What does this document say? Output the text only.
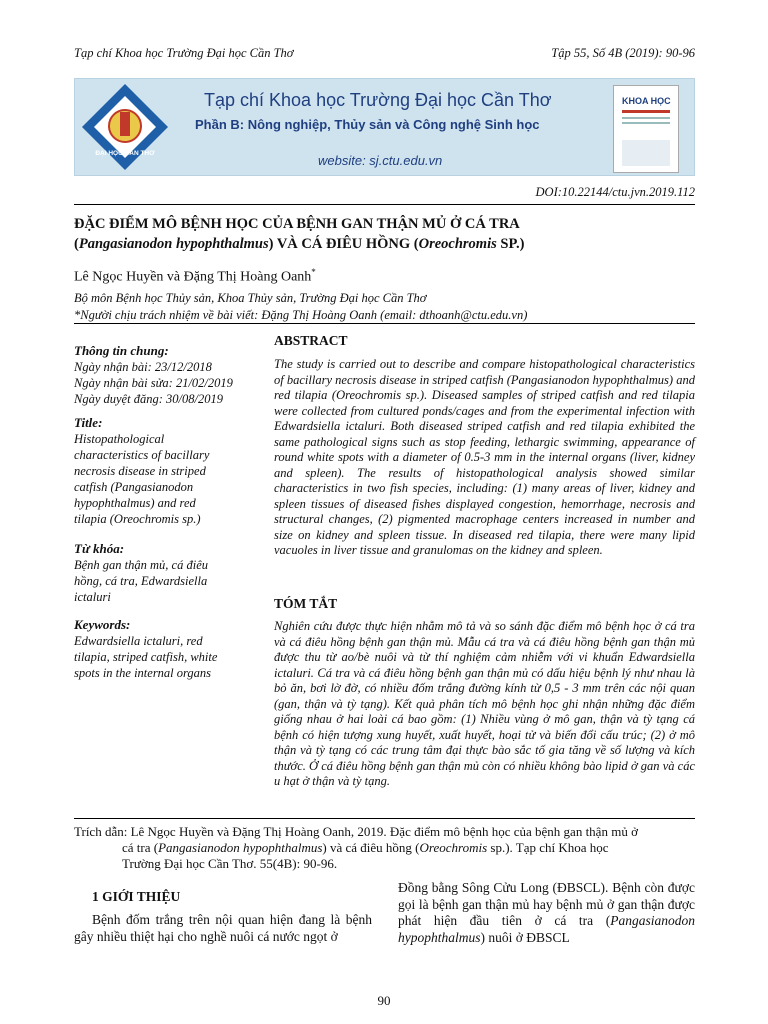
Tạp chí Khoa học Trường Đại học Cần Thơ	Tập 55, Số 4B (2019): 90-96
ĐẠI HỌC CẦN THƠ
Tạp chí Khoa học Trường Đại học Cần Thơ
Phần B: Nông nghiệp, Thủy sản và Công nghệ Sinh học
website: sj.ctu.edu.vn
KHOA HỌC
DOI:10.22144/ctu.jvn.2019.112
ĐẶC ĐIỂM MÔ BỆNH HỌC CỦA BỆNH GAN THẬN MỦ Ở CÁ TRA
(Pangasianodon hypophthalmus) VÀ CÁ ĐIÊU HỒNG (Oreochromis SP.)
Lê Ngọc Huyền và Đặng Thị Hoàng Oanh*
Bộ môn Bệnh học Thủy sản, Khoa Thủy sản, Trường Đại học Cần Thơ
*Người chịu trách nhiệm về bài viết: Đặng Thị Hoàng Oanh (email: dthoanh@ctu.edu.vn)
Thông tin chung:
Ngày nhận bài: 23/12/2018
Ngày nhận bài sửa: 21/02/2019
Ngày duyệt đăng: 30/08/2019
Title:
Histopathological
characteristics of bacillary
necrosis disease in striped
catfish (Pangasianodon
hypophthalmus) and red
tilapia (Oreochromis sp.)
Từ khóa:
Bệnh gan thận mủ, cá điêu
hồng, cá tra, Edwardsiella
ictaluri
Keywords:
Edwardsiella ictaluri, red
tilapia, striped catfish, white
spots in the internal organs
ABSTRACT
The study is carried out to describe and compare histopathological characteristics of bacillary necrosis disease in striped catfish (Pangasianodon hypophthalmus) and red tilapia (Oreochromis sp.). Diseased samples of striped catfish and red tilapia were collected from cultured ponds/cages and from the experimental infection with Edwardsiella ictaluri. Both diseased striped catfish and red tilapia exhibited the same pathological signs such as stop feeding, lethargic swimming, appearance of round white spots with a diameter of 0.5-3 mm in the internal organs (liver, kidney and spleen). The results of histopathological analysis showed similar characteristics in two fish species, including: (1) many areas of liver, kidney and spleen tissues of diseased fishes displayed congestion, hemorrhage, necrosis and structural changes, (2) pigmented macrophage centers increased in number and size on kidney and spleen tissue. In diseased red tilapia, there were many lipid vacuoles in liver tissue and granulomas on the kidney and spleen.
TÓM TẮT
Nghiên cứu được thực hiện nhằm mô tả và so sánh đặc điểm mô bệnh học ở cá tra và cá điêu hồng bệnh gan thận mủ. Mẫu cá tra và cá điêu hồng bệnh gan thận mủ được thu từ ao/bè nuôi và từ thí nghiệm cảm nhiễm với vi khuẩn Edwardsiella ictaluri. Cá tra và cá điêu hồng bệnh gan thận mủ có dấu hiệu bệnh lý như nhau là bỏ ăn, bơi lờ đờ, có nhiều đốm trắng đường kính từ 0,5 - 3 mm trên các nội quan (gan, thận và tỳ tạng). Kết quả phân tích mô bệnh học ghi nhận những đặc điểm giống nhau ở hai loài cá bao gồm: (1) Nhiều vùng ở mô gan, thận và tỳ tạng cá bệnh có hiện tượng xung huyết, xuất huyết, hoại tử và biến đổi cấu trúc; (2) ở mô thận và tỳ tạng có các trung tâm đại thực bào sắc tố gia tăng về số lượng và kích thước. Ở cá điêu hồng bệnh gan thận mủ còn có nhiều không bào lipid ở gan và các u hạt ở thận và tỳ tạng.
Trích dẫn: Lê Ngọc Huyền và Đặng Thị Hoàng Oanh, 2019. Đặc điểm mô bệnh học của bệnh gan thận mủ ở
cá tra (Pangasianodon hypophthalmus) và cá điêu hồng (Oreochromis sp.). Tạp chí Khoa học
Trường Đại học Cần Thơ. 55(4B): 90-96.
1 GIỚI THIỆU
Bệnh đốm trắng trên nội quan hiện đang là bệnh gây nhiều thiệt hại cho nghề nuôi cá nước ngọt ở
Đồng bằng Sông Cửu Long (ĐBSCL). Bệnh còn được gọi là bệnh gan thận mủ hay bệnh mủ ở gan thận được phát hiện đầu tiên ở cá tra (Pangasianodon hypophthalmus) nuôi ở ĐBSCL
90
